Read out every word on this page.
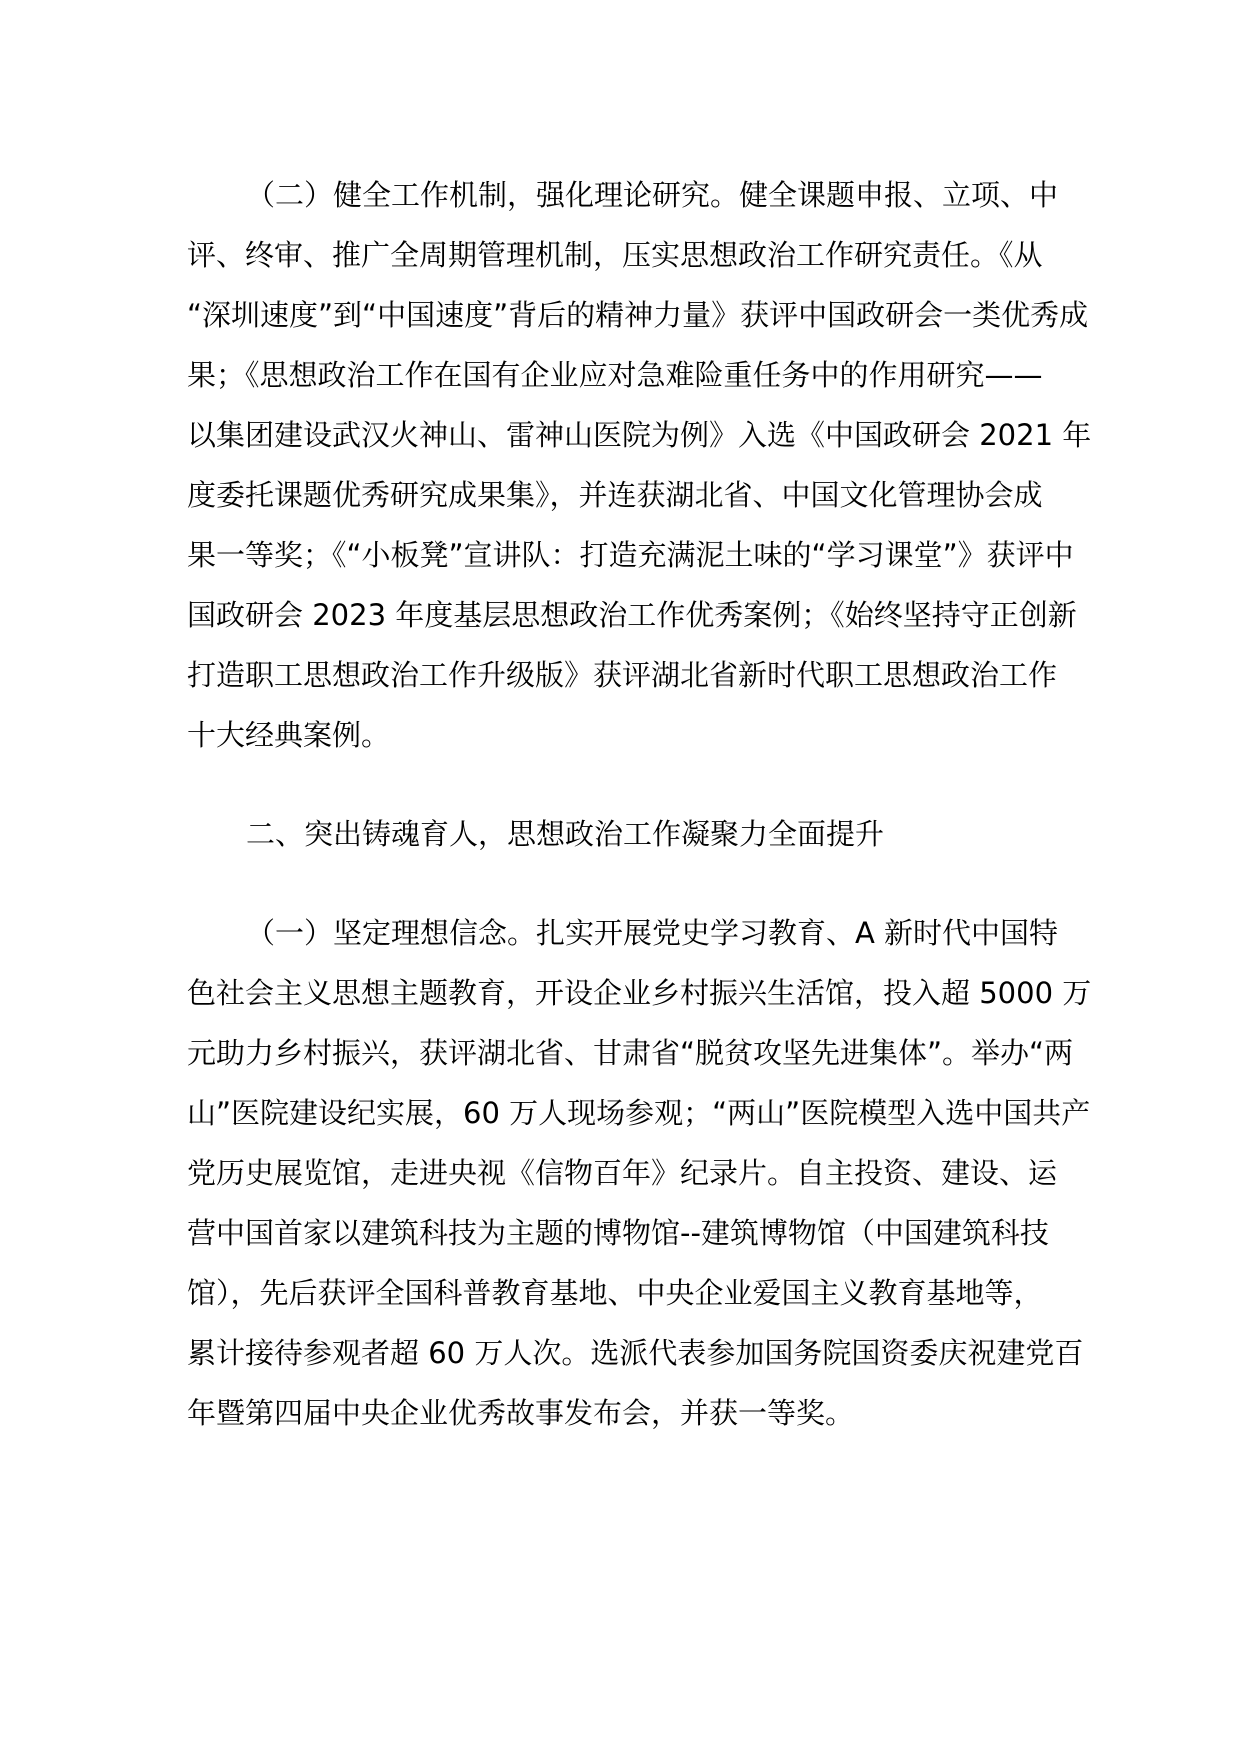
（二）健全工作机制，强化理论研究。健全课题申报、立项、中

评、终审、推广全周期管理机制，压实思想政治工作研究责任。《从

“深圳速度”到“中国速度”背后的精神力量》获评中国政研会一类优秀成

果；《思想政治工作在国有企业应对急难险重任务中的作用研究——

以集团建设武汉火神山、雷神山医院为例》入选《中国政研会 2021 年

度委托课题优秀研究成果集》，并连获湖北省、中国文化管理协会成

果一等奖；《“小板凳”宣讲队：打造充满泥土味的“学习课堂”》获评中

国政研会 2023 年度基层思想政治工作优秀案例；《始终坚持守正创新

打造职工思想政治工作升级版》获评湖北省新时代职工思想政治工作

十大经典案例。

二、突出铸魂育人，思想政治工作凝聚力全面提升

（一）坚定理想信念。扎实开展党史学习教育、A 新时代中国特

色社会主义思想主题教育，开设企业乡村振兴生活馆，投入超 5000 万

元助力乡村振兴，获评湖北省、甘肃省“脱贫攻坚先进集体”。举办“两

山”医院建设纪实展，60 万人现场参观；“两山”医院模型入选中国共产

党历史展览馆，走进央视《信物百年》纪录片。自主投资、建设、运

营中国首家以建筑科技为主题的博物馆--建筑博物馆（中国建筑科技

馆），先后获评全国科普教育基地、中央企业爱国主义教育基地等，

累计接待参观者超 60 万人次。选派代表参加国务院国资委庆祝建党百

年暨第四届中央企业优秀故事发布会，并获一等奖。
